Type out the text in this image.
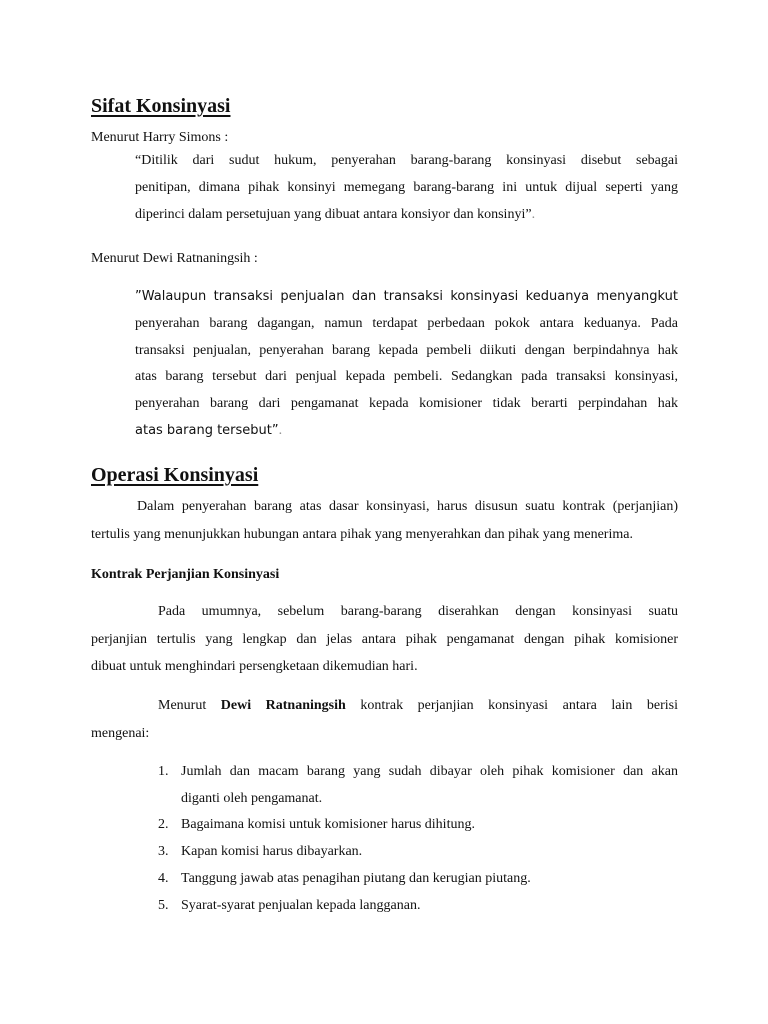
Sifat Konsinyasi

Menurut Harry Simons :

“Ditilik dari sudut hukum, penyerahan barang-barang konsinyasi disebut sebagai
penitipan, dimana pihak konsinyi memegang barang-barang ini untuk dijual seperti yang
diperinci dalam persetujuan yang dibuat antara konsiyor dan konsinyi”.

Menurut Dewi Ratnaningsih :

”Walaupun transaksi penjualan dan transaksi konsinyasi keduanya menyangkut
penyerahan barang dagangan, namun terdapat perbedaan pokok antara keduanya. Pada
transaksi penjualan, penyerahan barang kepada pembeli diikuti dengan berpindahnya hak
atas barang tersebut dari penjual kepada pembeli. Sedangkan pada transaksi konsinyasi,
penyerahan barang dari pengamanat kepada komisioner tidak berarti perpindahan hak
atas barang tersebut”.

Operasi Konsinyasi

Dalam penyerahan barang atas dasar konsinyasi, harus disusun suatu kontrak (perjanjian)
tertulis yang menunjukkan hubungan antara pihak yang menyerahkan dan pihak yang menerima.

Kontrak Perjanjian Konsinyasi

Pada umumnya, sebelum barang-barang diserahkan dengan konsinyasi suatu
perjanjian tertulis yang lengkap dan jelas antara pihak pengamanat dengan pihak komisioner
dibuat untuk menghindari persengketaan dikemudian hari.

Menurut Dewi Ratnaningsih kontrak perjanjian konsinyasi antara lain berisi
mengenai:

1. Jumlah dan macam barang yang sudah dibayar oleh pihak komisioner dan akan
diganti oleh pengamanat.
2. Bagaimana komisi untuk komisioner harus dihitung.
3. Kapan komisi harus dibayarkan.
4. Tanggung jawab atas penagihan piutang dan kerugian piutang.
5. Syarat-syarat penjualan kepada langganan.
